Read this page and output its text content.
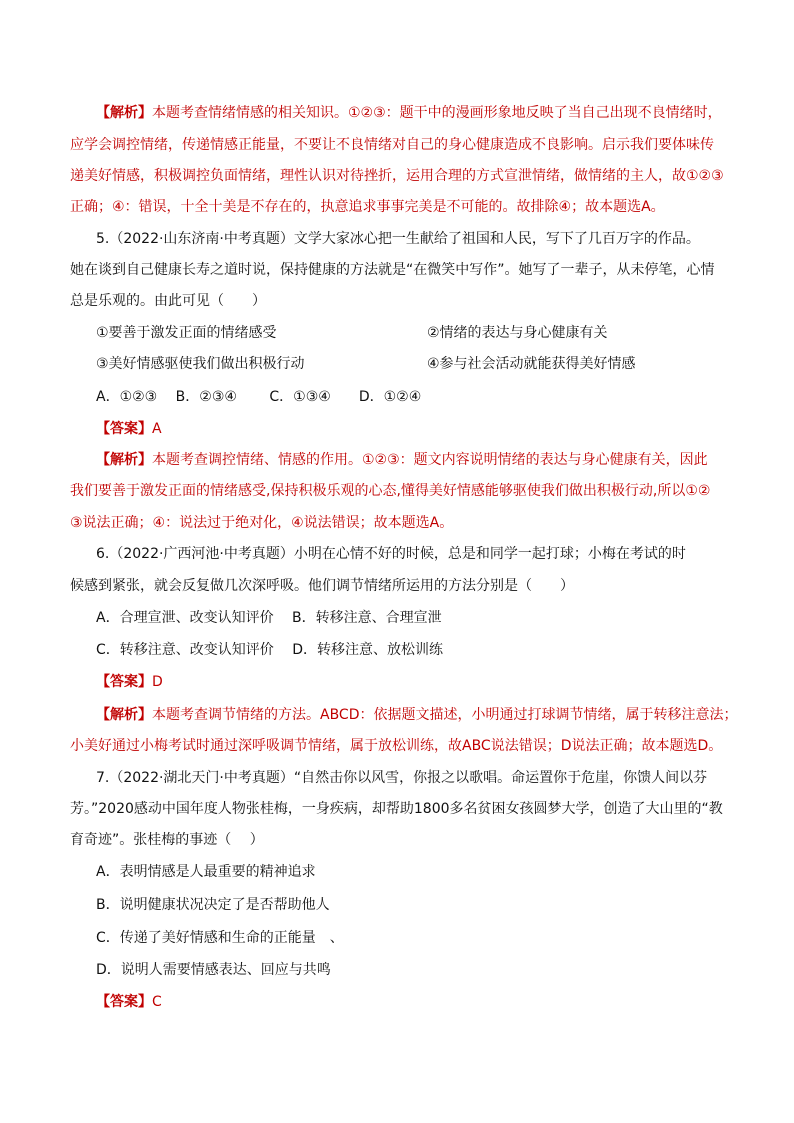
【解析】本题考查情绪情感的相关知识。①②③：题干中的漫画形象地反映了当自己出现不良情绪时，
应学会调控情绪，传递情感正能量，不要让不良情绪对自己的身心健康造成不良影响。启示我们要体味传
递美好情感，积极调控负面情绪，理性认识对待挫折，运用合理的方式宣泄情绪，做情绪的主人，故①②③
正确；④：错误，十全十美是不存在的，执意追求事事完美是不可能的。故排除④；故本题选A。
5.（2022·山东济南·中考真题）文学大家冰心把一生献给了祖国和人民，写下了几百万字的作品。
她在谈到自己健康长寿之道时说，保持健康的方法就是“在微笑中写作”。她写了一辈子，从未停笔，心情
总是乐观的。由此可见（　　）
①要善于激发正面的情绪感受	②情绪的表达与身心健康有关
③美好情感驱使我们做出积极行动	④参与社会活动就能获得美好情感
A．①②③　 B．②③④　　 C．①③④　　D．①②④
【答案】A
【解析】本题考查调控情绪、情感的作用。①②③：题文内容说明情绪的表达与身心健康有关，因此
我们要善于激发正面的情绪感受,保持积极乐观的心态,懂得美好情感能够驱使我们做出积极行动,所以①②
③说法正确；④：说法过于绝对化，④说法错误；故本题选A。
6.（2022·广西河池·中考真题）小明在心情不好的时候，总是和同学一起打球；小梅在考试的时
候感到紧张，就会反复做几次深呼吸。他们调节情绪所运用的方法分别是（　　）
A．合理宣泄、改变认知评价　 B．转移注意、合理宣泄
C．转移注意、改变认知评价　 D．转移注意、放松训练
【答案】D
【解析】本题考查调节情绪的方法。ABCD：依据题文描述，小明通过打球调节情绪，属于转移注意法；
小美好通过小梅考试时通过深呼吸调节情绪，属于放松训练，故ABC说法错误；D说法正确；故本题选D。
7.（2022·湖北天门·中考真题）“自然击你以风雪，你报之以歌唱。命运置你于危崖，你馈人间以芬
芳。”2020感动中国年度人物张桂梅，一身疾病，却帮助1800多名贫困女孩圆梦大学，创造了大山里的“教
育奇迹”。张桂梅的事迹（　 ）
A．表明情感是人最重要的精神追求
B．说明健康状况决定了是否帮助他人
C．传递了美好情感和生命的正能量　、
D．说明人需要情感表达、回应与共鸣
【答案】C
